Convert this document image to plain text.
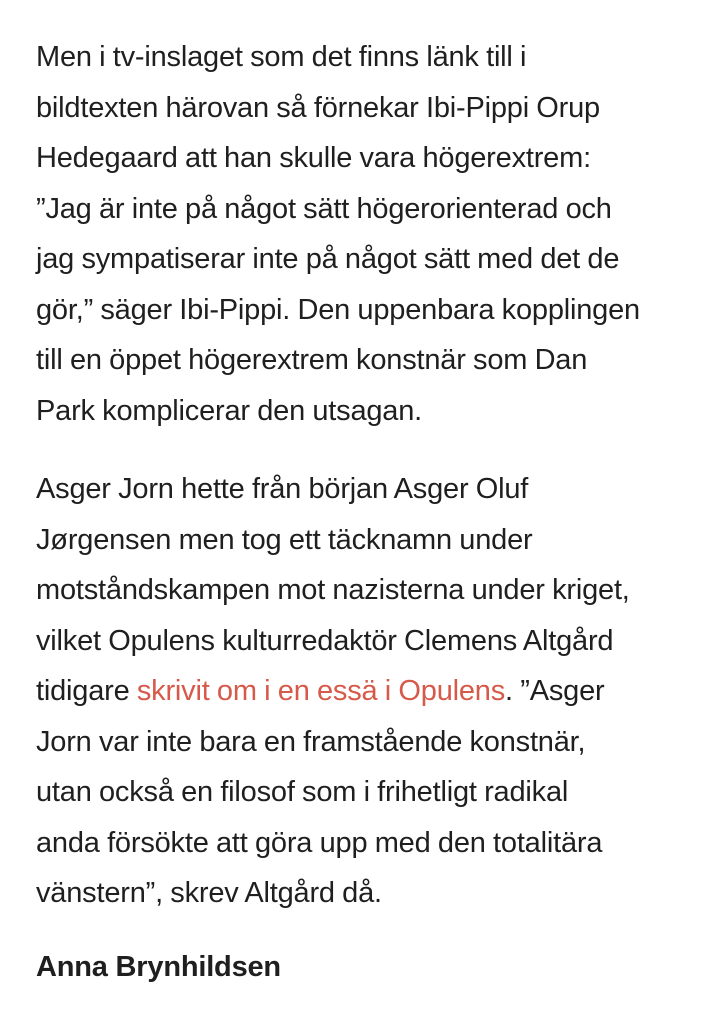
Men i tv-inslaget som det finns länk till i
bildtexten härovan så förnekar Ibi-Pippi Orup
Hedegaard att han skulle vara högerextrem:
”Jag är inte på något sätt högerorienterad och
jag sympatiserar inte på något sätt med det de
gör,” säger Ibi-Pippi. Den uppenbara kopplingen
till en öppet högerextrem konstnär som Dan
Park komplicerar den utsagan.

Asger Jorn hette från början Asger Oluf
Jørgensen men tog ett täcknamn under
motståndskampen mot nazisterna under kriget,
vilket Opulens kulturredaktör Clemens Altgård
tidigare skrivit om i en essä i Opulens. ”Asger
Jorn var inte bara en framstående konstnär,
utan också en filosof som i frihetligt radikal
anda försökte att göra upp med den totalitära
vänstern”, skrev Altgård då.

Anna Brynhildsen
